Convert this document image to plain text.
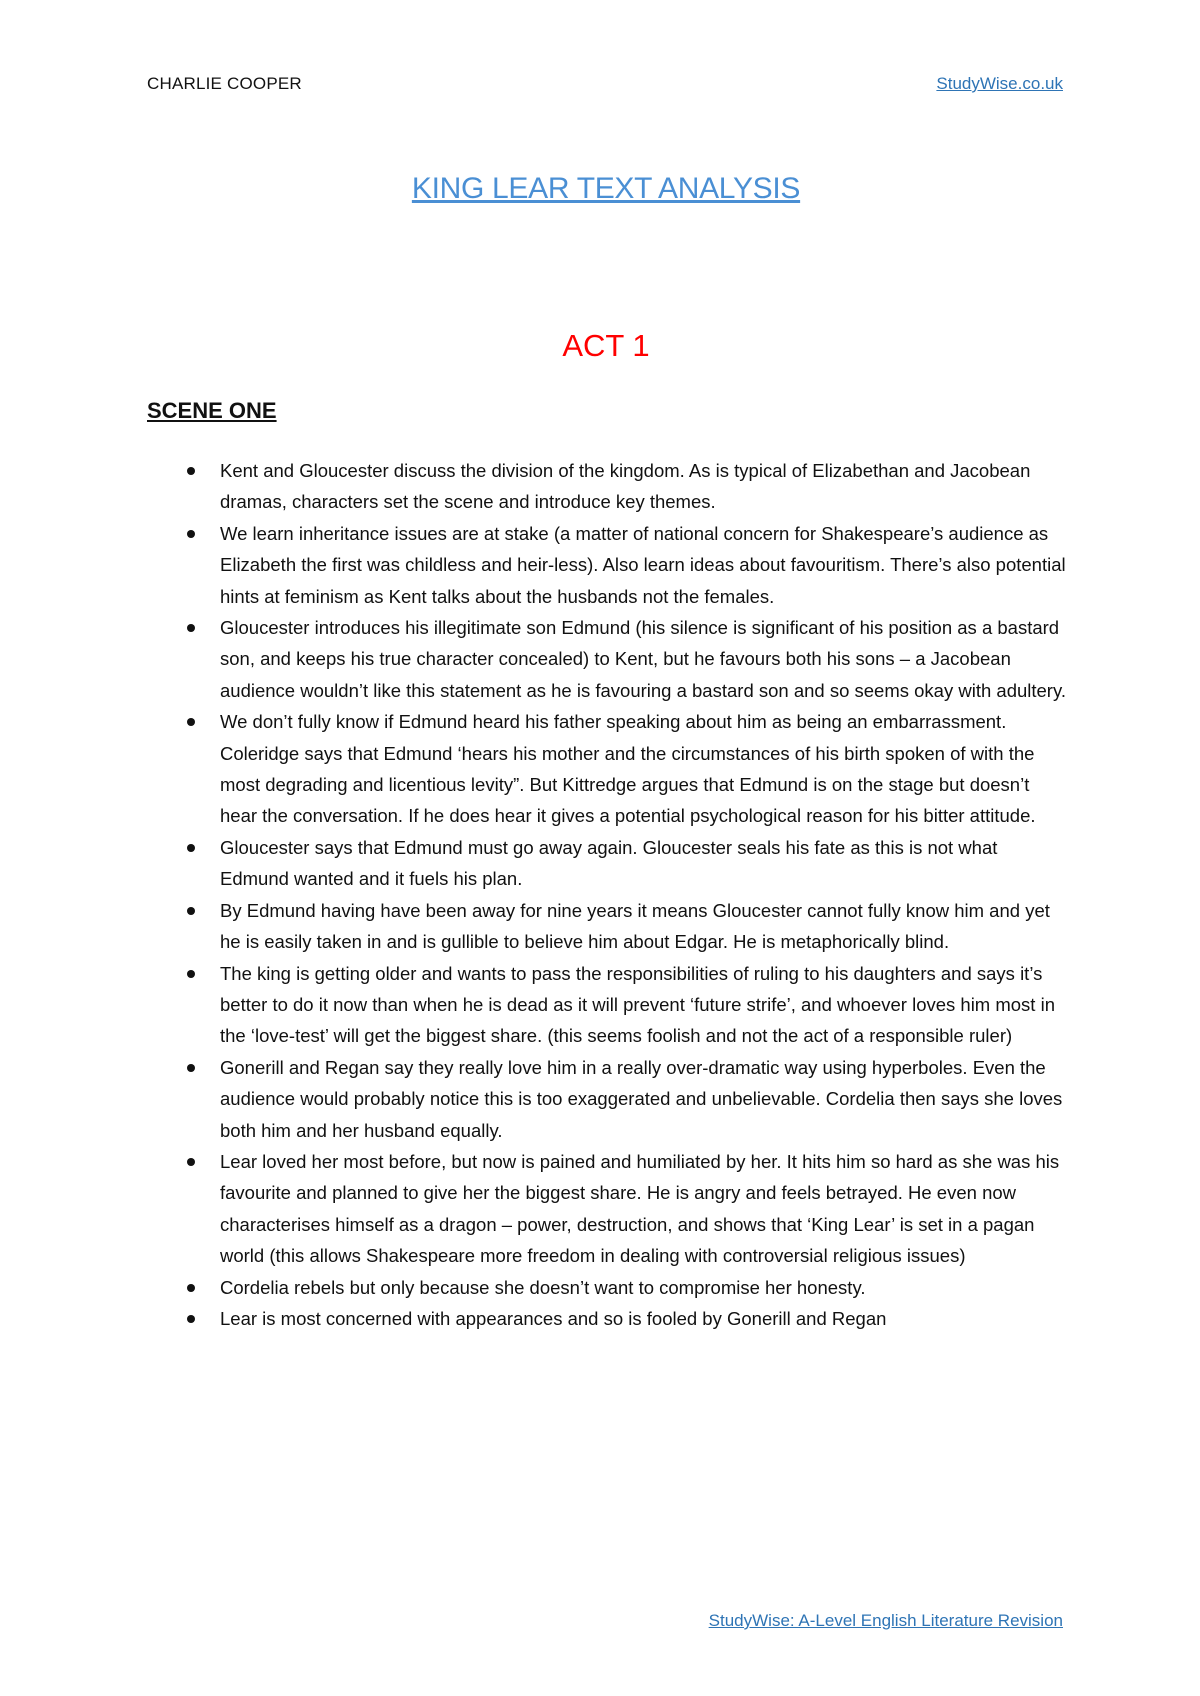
CHARLIE COOPER	StudyWise.co.uk
KING LEAR TEXT ANALYSIS
ACT 1
SCENE ONE
Kent and Gloucester discuss the division of the kingdom. As is typical of Elizabethan and Jacobean dramas, characters set the scene and introduce key themes.
We learn inheritance issues are at stake (a matter of national concern for Shakespeare’s audience as Elizabeth the first was childless and heir-less). Also learn ideas about favouritism. There’s also potential hints at feminism as Kent talks about the husbands not the females.
Gloucester introduces his illegitimate son Edmund (his silence is significant of his position as a bastard son, and keeps his true character concealed) to Kent, but he favours both his sons – a Jacobean audience wouldn’t like this statement as he is favouring a bastard son and so seems okay with adultery.
We don’t fully know if Edmund heard his father speaking about him as being an embarrassment. Coleridge says that Edmund ‘hears his mother and the circumstances of his birth spoken of with the most degrading and licentious levity”. But Kittredge argues that Edmund is on the stage but doesn’t hear the conversation. If he does hear it gives a potential psychological reason for his bitter attitude.
Gloucester says that Edmund must go away again. Gloucester seals his fate as this is not what Edmund wanted and it fuels his plan.
By Edmund having have been away for nine years it means Gloucester cannot fully know him and yet he is easily taken in and is gullible to believe him about Edgar. He is metaphorically blind.
The king is getting older and wants to pass the responsibilities of ruling to his daughters and says it’s better to do it now than when he is dead as it will prevent ‘future strife’, and whoever loves him most in the ‘love-test’ will get the biggest share. (this seems foolish and not the act of a responsible ruler)
Gonerill and Regan say they really love him in a really over-dramatic way using hyperboles. Even the audience would probably notice this is too exaggerated and unbelievable. Cordelia then says she loves both him and her husband equally.
Lear loved her most before, but now is pained and humiliated by her. It hits him so hard as she was his favourite and planned to give her the biggest share. He is angry and feels betrayed. He even now characterises himself as a dragon – power, destruction, and shows that ‘King Lear’ is set in a pagan world (this allows Shakespeare more freedom in dealing with controversial religious issues)
Cordelia rebels but only because she doesn’t want to compromise her honesty.
Lear is most concerned with appearances and so is fooled by Gonerill and Regan
StudyWise: A-Level English Literature Revision
